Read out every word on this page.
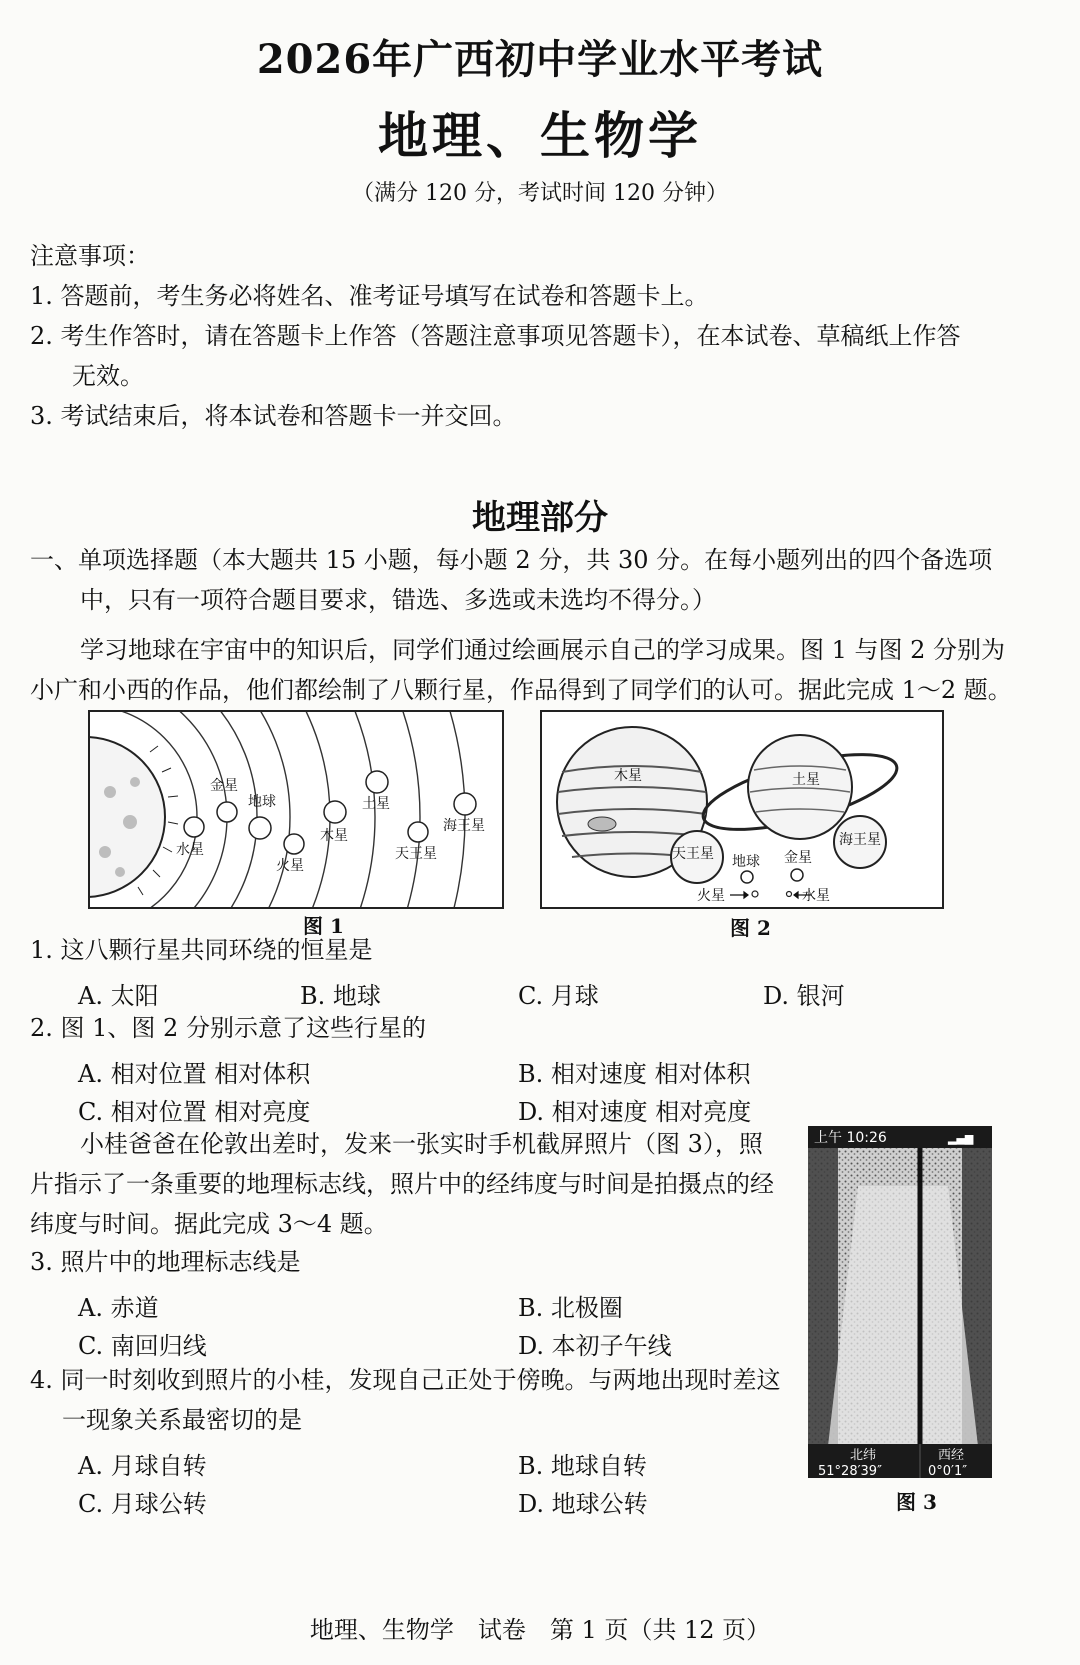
2026年广西初中学业水平考试
地理、生物学
（满分 120 分，考试时间 120 分钟）
注意事项：
1. 答题前，考生务必将姓名、准考证号填写在试卷和答题卡上。
2. 考生作答时，请在答题卡上作答（答题注意事项见答题卡），在本试卷、草稿纸上作答
无效。
3. 考试结束后，将本试卷和答题卡一并交回。
地理部分
一、单项选择题（本大题共 15 小题，每小题 2 分，共 30 分。在每小题列出的四个备选项
中，只有一项符合题目要求，错选、多选或未选均不得分。）
学习地球在宇宙中的知识后，同学们通过绘画展示自己的学习成果。图 1 与图 2 分别为
小广和小西的作品，他们都绘制了八颗行星，作品得到了同学们的认可。据此完成 1～2 题。
水星
金星
地球
火星
木星
土星
天王星
海王星
图 1
木星	土星
天王星
海王星
地球 金星
火星	水星
图 2
1. 这八颗行星共同环绕的恒星是
A. 太阳	B. 地球	C. 月球	D. 银河
2. 图 1、图 2 分别示意了这些行星的
A. 相对位置 相对体积	B. 相对速度 相对体积
C. 相对位置 相对亮度	D. 相对速度 相对亮度
小桂爸爸在伦敦出差时，发来一张实时手机截屏照片（图 3），照
片指示了一条重要的地理标志线，照片中的经纬度与时间是拍摄点的经
纬度与时间。据此完成 3～4 题。
上午 10:26	▂▄▆
北纬
51°28′39″
西经
0°0′1″
图 3
3. 照片中的地理标志线是
A. 赤道	B. 北极圈
C. 南回归线	D. 本初子午线
4. 同一时刻收到照片的小桂，发现自己正处于傍晚。与两地出现时差这
一现象关系最密切的是
A. 月球自转	B. 地球自转
C. 月球公转	D. 地球公转
地理、生物学　试卷　第 1 页（共 12 页）
